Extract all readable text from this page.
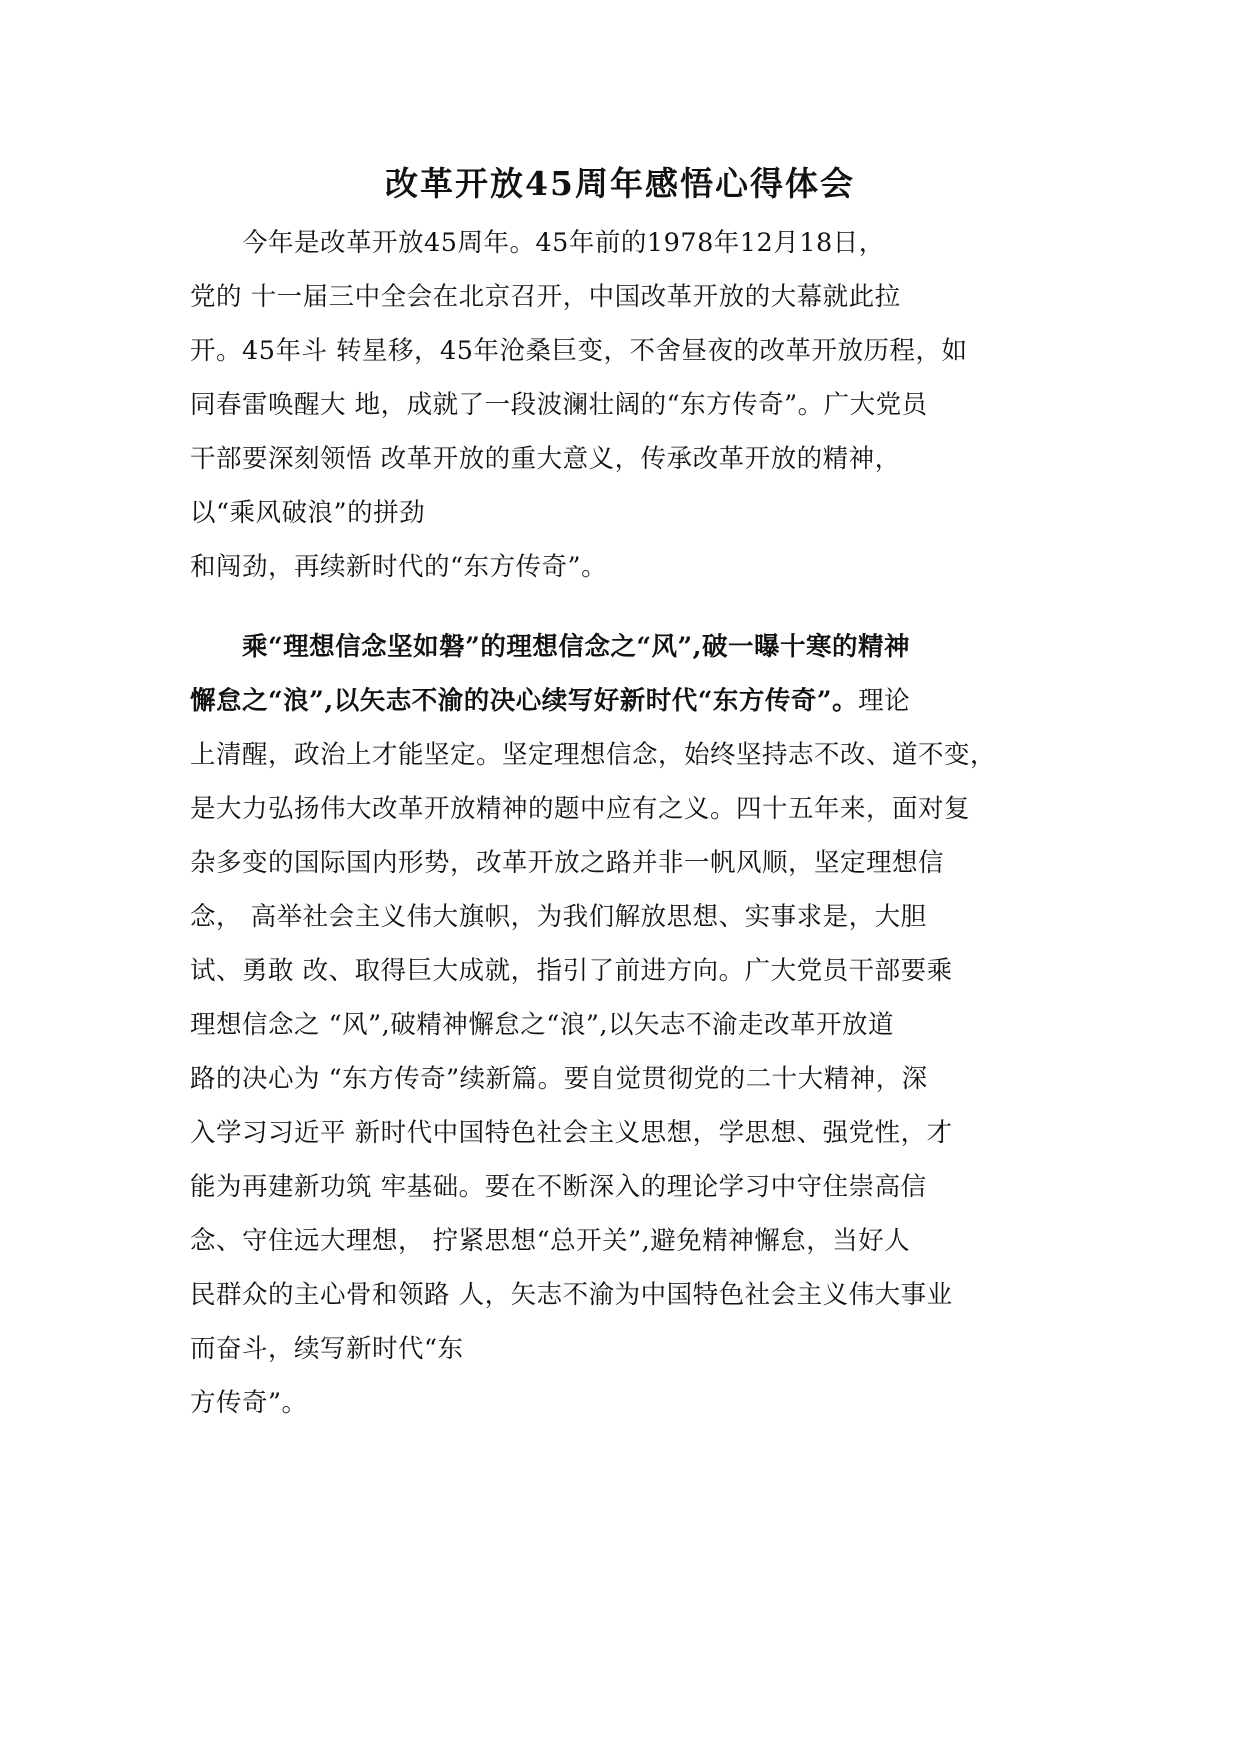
改革开放45周年感悟心得体会
　　今年是改革开放45周年。45年前的1978年12月18日，
党的 十一届三中全会在北京召开，中国改革开放的大幕就此拉
开。45年斗 转星移，45年沧桑巨变，不舍昼夜的改革开放历程，如
同春雷唤醒大 地，成就了一段波澜壮阔的“东方传奇”。广大党员
干部要深刻领悟 改革开放的重大意义，传承改革开放的精神，
以“乘风破浪”的拼劲
和闯劲，再续新时代的“东方传奇”。
　　乘“理想信念坚如磐”的理想信念之“风”,破一曝十寒的精神
懈怠之“浪”,以矢志不渝的决心续写好新时代“东方传奇”。理论
上清醒，政治上才能坚定。坚定理想信念，始终坚持志不改、道不变，
是大力弘扬伟大改革开放精神的题中应有之义。四十五年来，面对复
杂多变的国际国内形势，改革开放之路并非一帆风顺，坚定理想信
念， 高举社会主义伟大旗帜，为我们解放思想、实事求是，大胆
试、勇敢 改、取得巨大成就，指引了前进方向。广大党员干部要乘
理想信念之 “风”,破精神懈怠之“浪”,以矢志不渝走改革开放道
路的决心为 “东方传奇”续新篇。要自觉贯彻党的二十大精神，深
入学习习近平 新时代中国特色社会主义思想，学思想、强党性，才
能为再建新功筑 牢基础。要在不断深入的理论学习中守住崇高信
念、守住远大理想， 拧紧思想“总开关”,避免精神懈怠，当好人
民群众的主心骨和领路 人，矢志不渝为中国特色社会主义伟大事业
而奋斗，续写新时代“东
方传奇”。
